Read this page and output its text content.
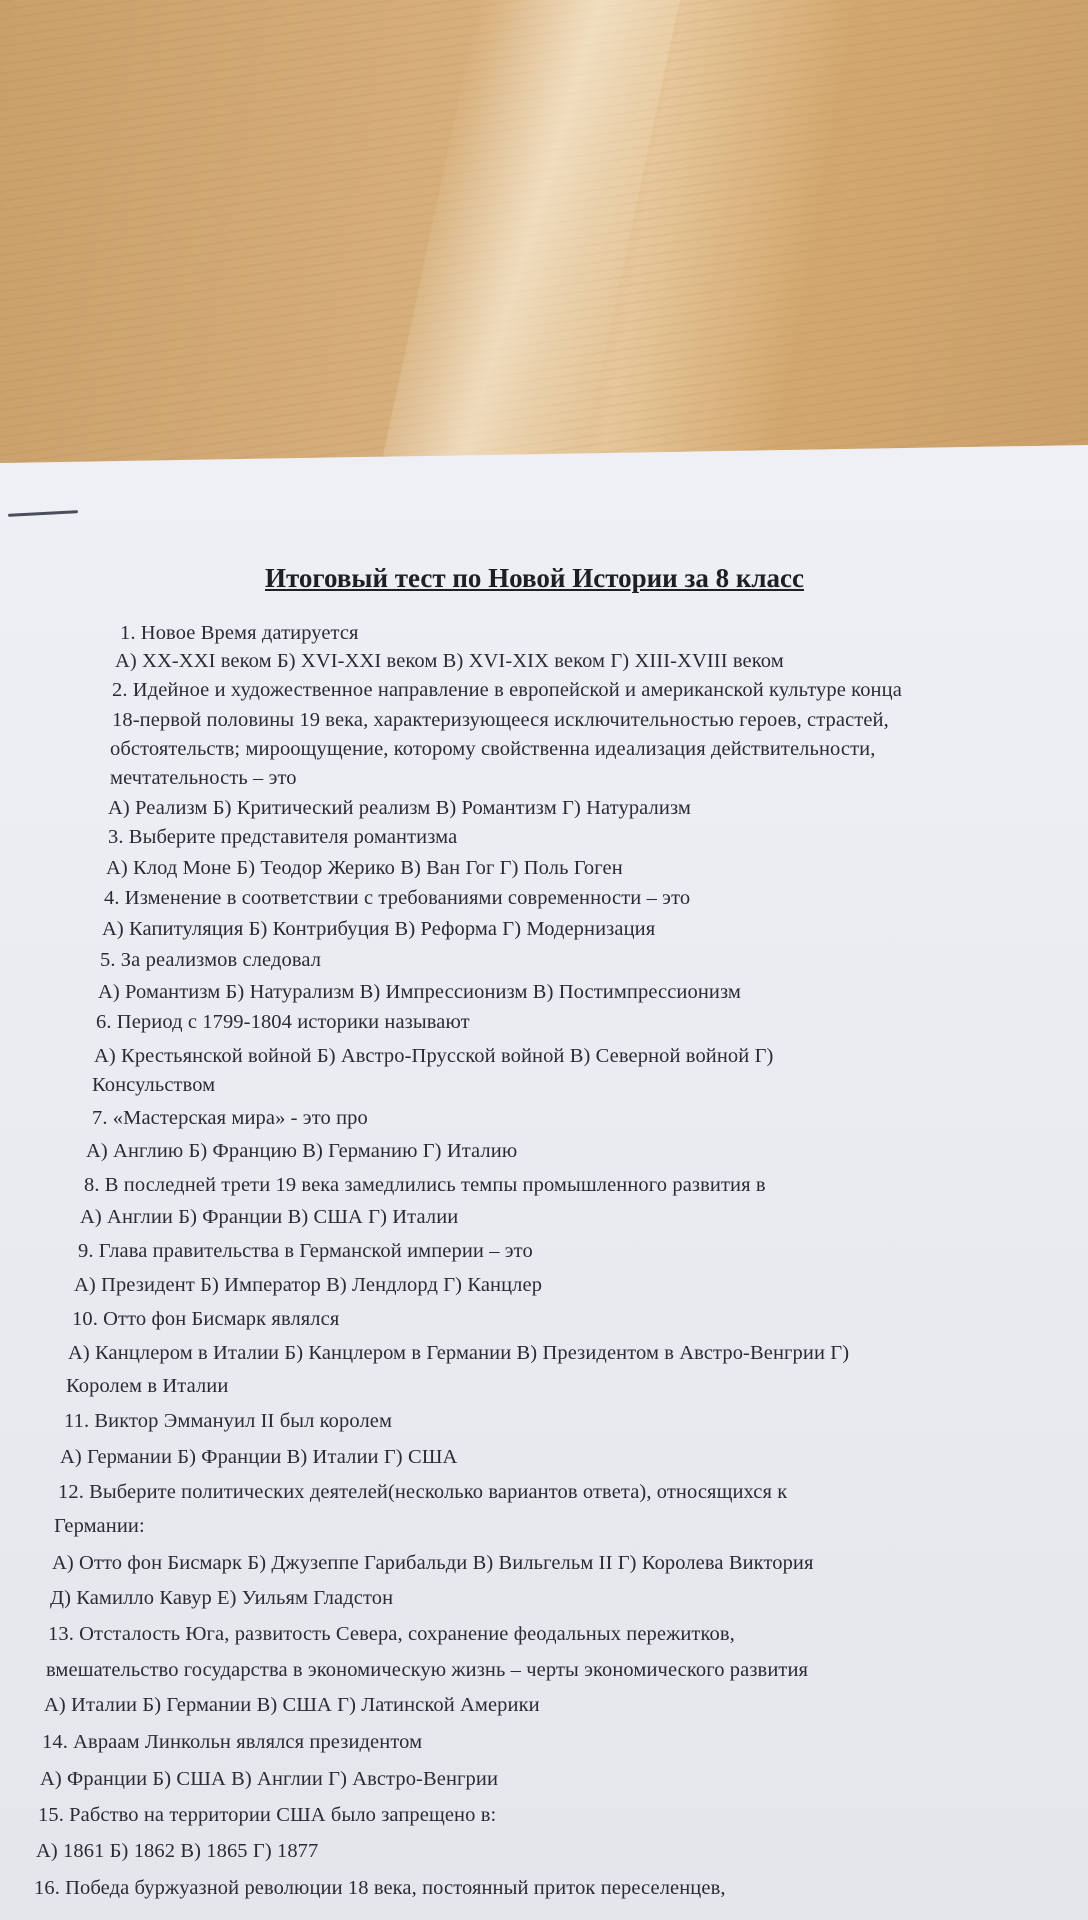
Итоговый тест по Новой Истории за 8 класс

1. Новое Время датируется

А) XX-XXI веком Б) XVI-XXI веком В) XVI-XIX веком Г) XIII-XVIII веком

2. Идейное и художественное направление в европейской и американской культуре конца

18-первой половины 19 века, характеризующееся исключительностью героев, страстей,

обстоятельств; мироощущение, которому свойственна идеализация действительности,

мечтательность – это

А) Реализм Б) Критический реализм В) Романтизм Г) Натурализм

3. Выберите представителя романтизма

А) Клод Моне Б) Теодор Жерико В) Ван Гог Г) Поль Гоген

4. Изменение в соответствии с требованиями современности – это

А) Капитуляция Б) Контрибуция В) Реформа Г) Модернизация

5. За реализмов следовал

А) Романтизм Б) Натурализм В) Импрессионизм В) Постимпрессионизм

6. Период с 1799-1804 историки называют

А) Крестьянской войной Б) Австро-Прусской войной В) Северной войной Г)

Консульством

7. «Мастерская мира» - это про

А) Англию Б) Францию В) Германию Г) Италию

8. В последней трети 19 века замедлились темпы промышленного развития в

А) Англии Б) Франции В) США Г) Италии

9. Глава правительства в Германской империи – это

А) Президент Б) Император В) Лендлорд Г) Канцлер

10. Отто фон Бисмарк являлся

А) Канцлером в Италии Б) Канцлером в Германии В) Президентом в Австро-Венгрии Г)

Королем в Италии

11. Виктор Эммануил II был королем

А) Германии Б) Франции В) Италии Г) США

12. Выберите политических деятелей(несколько вариантов ответа), относящихся к

Германии:

А) Отто фон Бисмарк Б) Джузеппе Гарибальди В) Вильгельм II Г) Королева Виктория

Д) Камилло Кавур Е) Уильям Гладстон

13. Отсталость Юга, развитость Севера, сохранение феодальных пережитков,

вмешательство государства в экономическую жизнь – черты экономического развития

А) Италии Б) Германии В) США Г) Латинской Америки

14. Авраам Линкольн являлся президентом

А) Франции Б) США В) Англии Г) Австро-Венгрии

15. Рабство на территории США было запрещено в:

А) 1861 Б) 1862 В) 1865 Г) 1877

16. Победа буржуазной революции 18 века, постоянный приток переселенцев,
